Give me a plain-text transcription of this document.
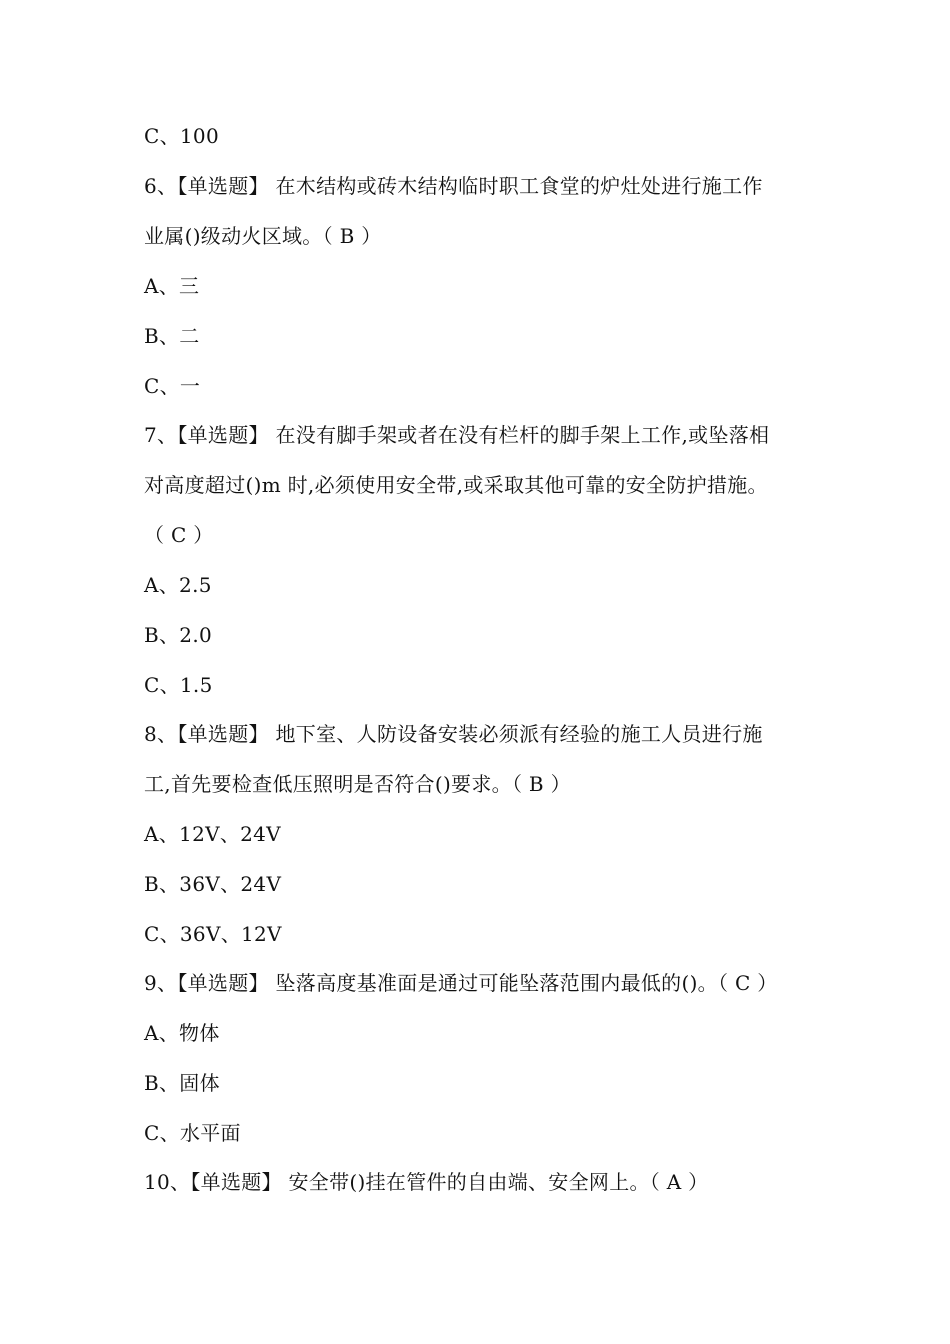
C、100
6、【单选题】 在木结构或砖木结构临时职工食堂的炉灶处进行施工作
业属()级动火区域。（ B ）
A、三
B、二
C、一
7、【单选题】 在没有脚手架或者在没有栏杆的脚手架上工作,或坠落相
对高度超过()m 时,必须使用安全带,或采取其他可靠的安全防护措施。
（ C ）
A、2.5
B、2.0
C、1.5
8、【单选题】 地下室、人防设备安装必须派有经验的施工人员进行施
工,首先要检查低压照明是否符合()要求。（ B ）
A、12V、24V
B、36V、24V
C、36V、12V
9、【单选题】 坠落高度基准面是通过可能坠落范围内最低的()。（ C ）
A、物体
B、固体
C、水平面
10、【单选题】 安全带()挂在管件的自由端、安全网上。（ A ）
